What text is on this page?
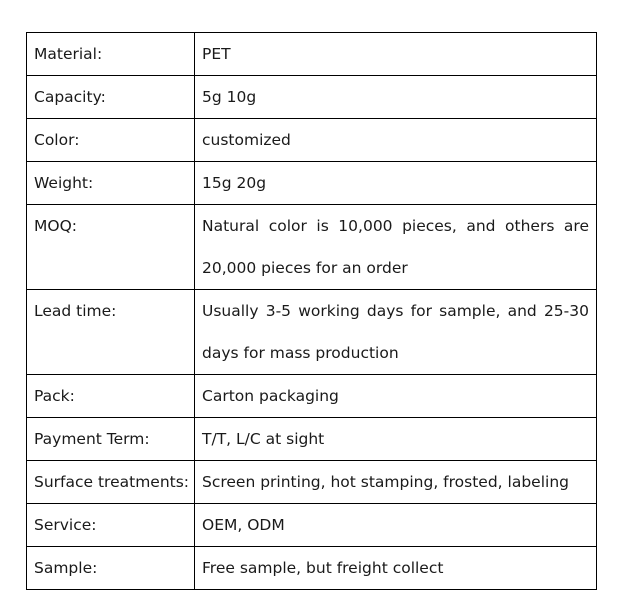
Material:	PET
Capacity:	5g 10g
Color:	customized
Weight:	15g 20g
MOQ:	Natural color is 10,000 pieces, and others are 20,000 pieces for an order
Lead time:	Usually 3-5 working days for sample, and 25-30 days for mass production
Pack:	Carton packaging
Payment Term:	T/T, L/C at sight
Surface treatments:	Screen printing, hot stamping, frosted, labeling
Service:	OEM, ODM
Sample:	Free sample, but freight collect
